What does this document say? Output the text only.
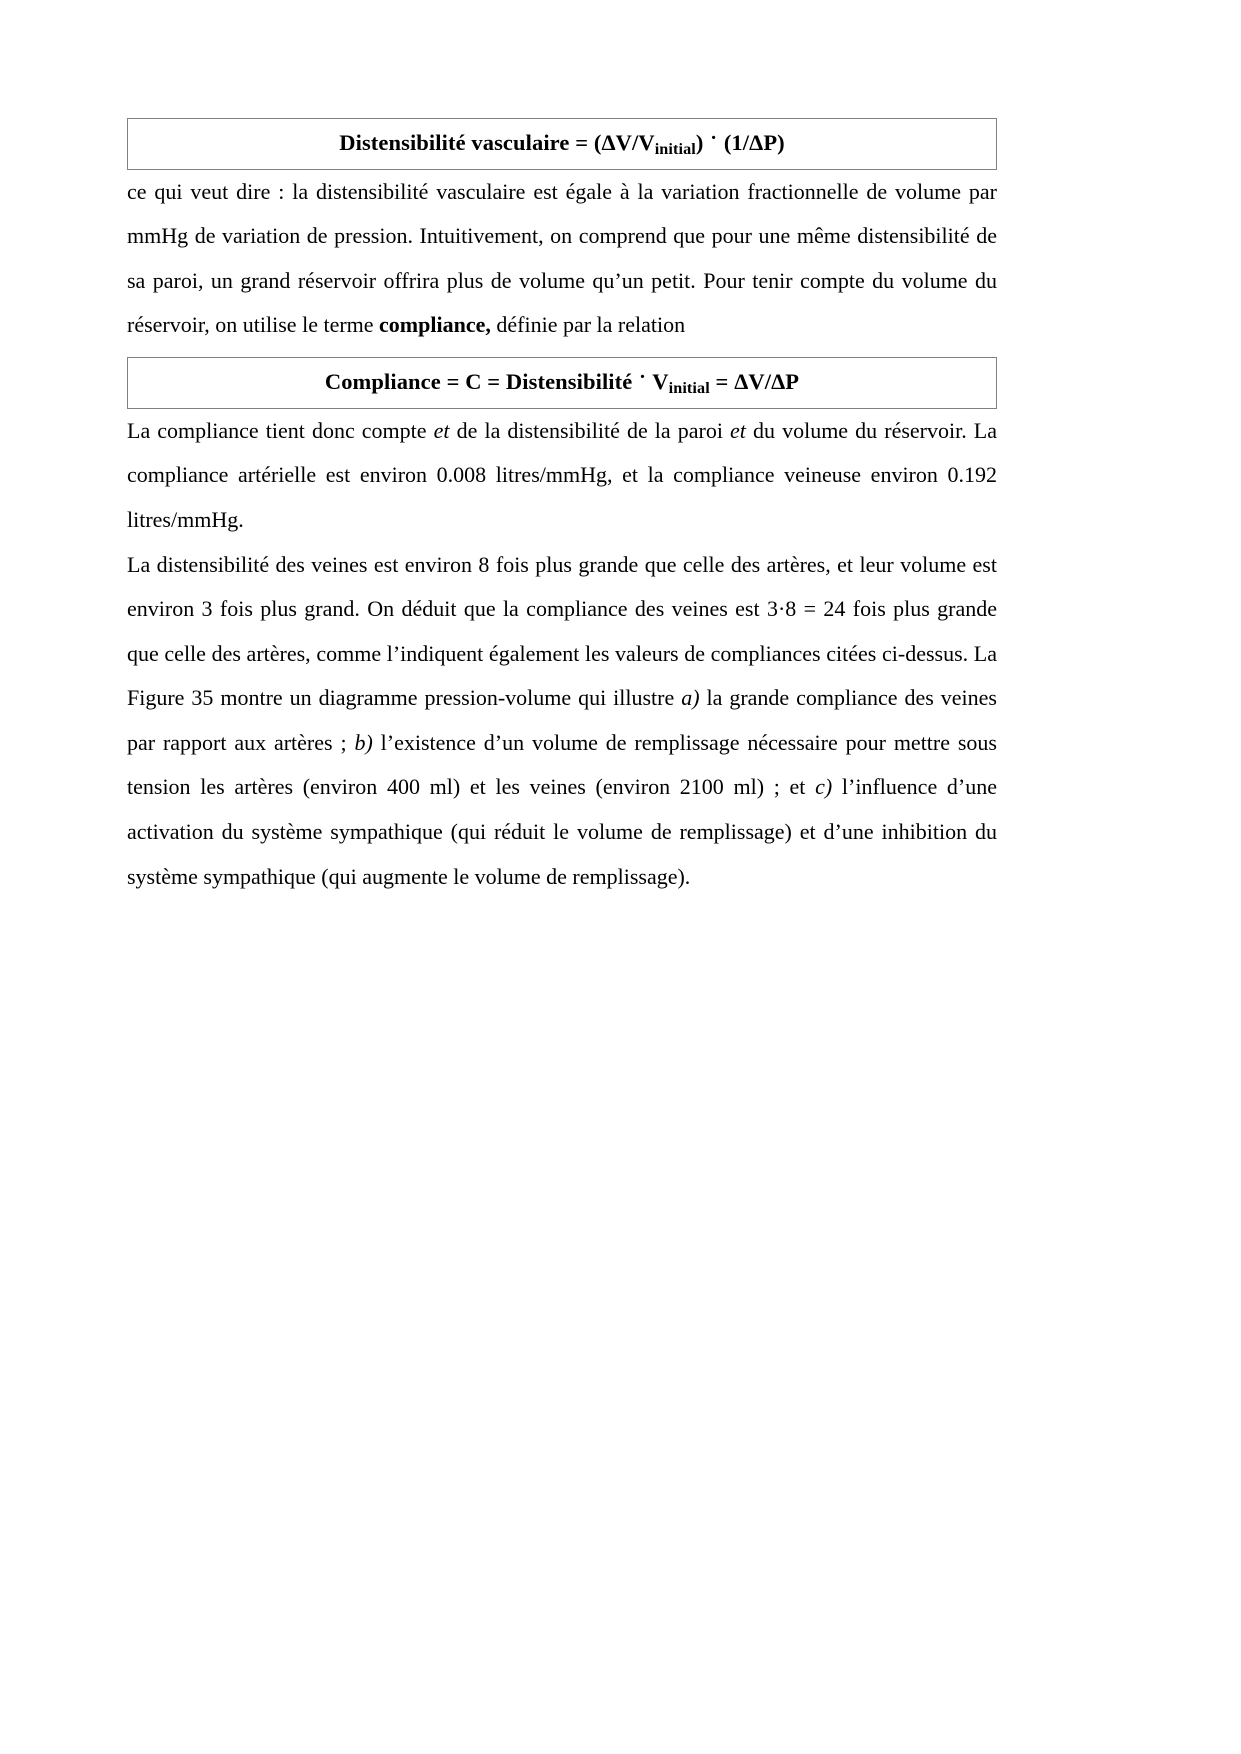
Distensibilité vasculaire = $(\Delta V/V_{initial}) \cdot (1/\Delta P)$

ce qui veut dire : la distensibilité vasculaire est égale à la variation fractionnelle de volume par mmHg de variation de pression. Intuitivement, on comprend que pour une même distensibilité de sa paroi, un grand réservoir offrira plus de volume qu’un petit. Pour tenir compte du volume du réservoir, on utilise le terme compliance, définie par la relation

Compliance = C = Distensibilité · $V_{initial} = \Delta V/\Delta P$

La compliance tient donc compte et de la distensibilité de la paroi et du volume du réservoir. La compliance artérielle est environ 0.008 litres/mmHg, et la compliance veineuse environ 0.192 litres/mmHg.

La distensibilité des veines est environ 8 fois plus grande que celle des artères, et leur volume est environ 3 fois plus grand. On déduit que la compliance des veines est 3·8 = 24 fois plus grande que celle des artères, comme l’indiquent également les valeurs de compliances citées ci-dessus. La Figure 35 montre un diagramme pression-volume qui illustre a) la grande compliance des veines par rapport aux artères ; b) l’existence d’un volume de remplissage nécessaire pour mettre sous tension les artères (environ 400 ml) et les veines (environ 2100 ml) ; et c) l’influence d’une activation du système sympathique (qui réduit le volume de remplissage) et d’une inhibition du système sympathique (qui augmente le volume de remplissage).
